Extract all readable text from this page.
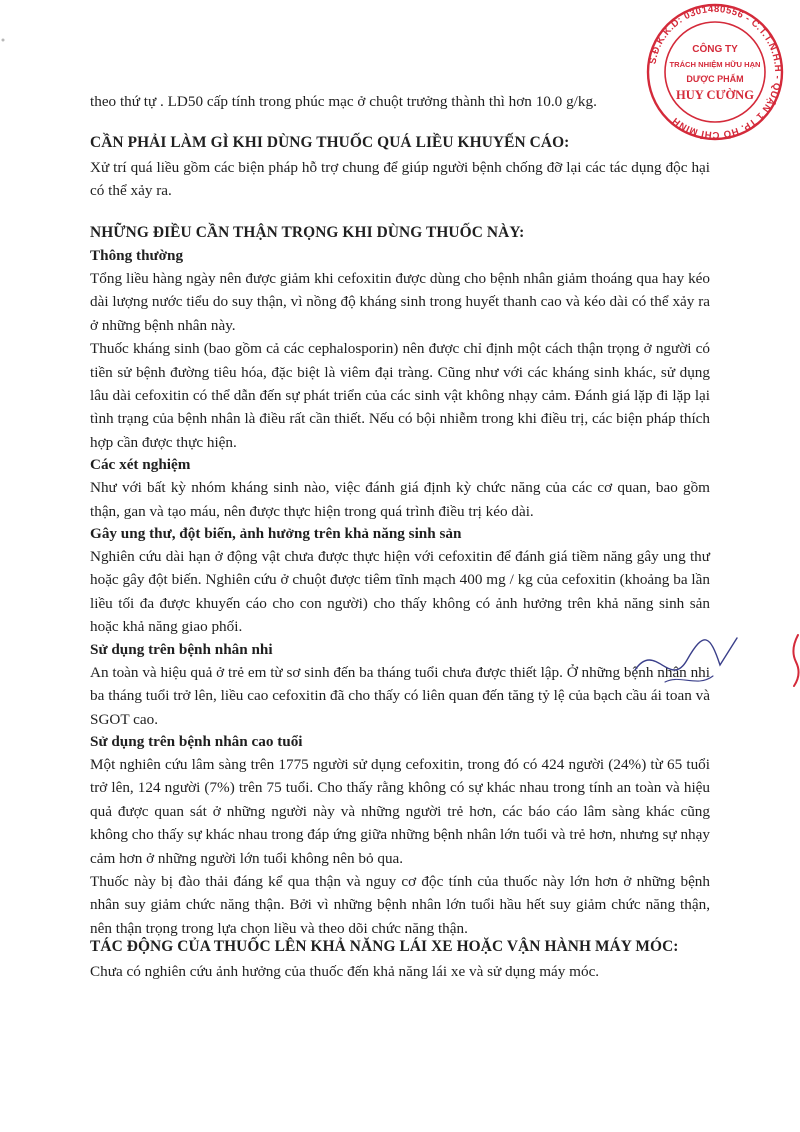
S.Đ.K.K.D: 0301480556 - C.T.T.N.H.H - QUẬN 1 TP. HỒ CHÍ MINH
CÔNG TY
TRÁCH NHIỆM HỮU HẠN
DƯỢC PHẨM
HUY CƯỜNG

theo thứ tự . LD50 cấp tính trong phúc mạc ở chuột trưởng thành thì hơn 10.0 g/kg.

CẦN PHẢI LÀM GÌ KHI DÙNG THUỐC QUÁ LIỀU KHUYẾN CÁO:

Xử trí quá liều gồm các biện pháp hỗ trợ chung để giúp người bệnh chống đỡ lại các tác dụng độc hại có thể xảy ra.

NHỮNG ĐIỀU CẦN THẬN TRỌNG KHI DÙNG THUỐC NÀY:

Thông thường

Tổng liều hàng ngày nên được giảm khi cefoxitin được dùng cho bệnh nhân giảm thoáng qua hay kéo dài lượng nước tiểu do suy thận, vì nồng độ kháng sinh trong huyết thanh cao và kéo dài có thể xảy ra ở những bệnh nhân này.

Thuốc kháng sinh (bao gồm cả các cephalosporin) nên được chỉ định một cách thận trọng ở người có tiền sử bệnh đường tiêu hóa, đặc biệt là viêm đại tràng. Cũng như với các kháng sinh khác, sử dụng lâu dài cefoxitin có thể dẫn đến sự phát triển của các sinh vật không nhạy cảm. Đánh giá lặp đi lặp lại tình trạng của bệnh nhân là điều rất cần thiết. Nếu có bội nhiễm trong khi điều trị, các biện pháp thích hợp cần được thực hiện.

Các xét nghiệm

Như với bất kỳ nhóm kháng sinh nào, việc đánh giá định kỳ chức năng của các cơ quan, bao gồm thận, gan và tạo máu, nên được thực hiện trong quá trình điều trị kéo dài.

Gây ung thư, đột biến, ảnh hưởng trên khả năng sinh sản

Nghiên cứu dài hạn ở động vật chưa được thực hiện với cefoxitin để đánh giá tiềm năng gây ung thư hoặc gây đột biến. Nghiên cứu ở chuột được tiêm tĩnh mạch 400 mg / kg của cefoxitin (khoảng ba lần liều tối đa được khuyến cáo cho con người) cho thấy không có ảnh hưởng trên khả năng sinh sản hoặc khả năng giao phối.

Sử dụng trên bệnh nhân nhi

An toàn và hiệu quả ở trẻ em từ sơ sinh đến ba tháng tuổi chưa được thiết lập. Ở những bệnh nhân nhi ba tháng tuổi trở lên, liều cao cefoxitin đã cho thấy có liên quan đến tăng tỷ lệ của bạch cầu ái toan và SGOT cao.

Sử dụng trên bệnh nhân cao tuổi

Một nghiên cứu lâm sàng trên 1775 người sử dụng cefoxitin, trong đó có 424 người (24%) từ 65 tuổi trở lên, 124 người (7%) trên 75 tuổi. Cho thấy rằng không có sự khác nhau trong tính an toàn và hiệu quả được quan sát ở những người này và những người trẻ hơn, các báo cáo lâm sàng khác cũng không cho thấy sự khác nhau trong đáp ứng giữa những bệnh nhân lớn tuổi và trẻ hơn, nhưng sự nhạy cảm hơn ở những người lớn tuổi không nên bỏ qua.

Thuốc này bị đào thải đáng kể qua thận và nguy cơ độc tính của thuốc này lớn hơn ở những bệnh nhân suy giảm chức năng thận. Bởi vì những bệnh nhân lớn tuổi hầu hết suy giảm chức năng thận, nên thận trọng trong lựa chọn liều và theo dõi chức năng thận.

TÁC ĐỘNG CỦA THUỐC LÊN KHẢ NĂNG LÁI XE HOẶC VẬN HÀNH MÁY MÓC:

Chưa có nghiên cứu ảnh hưởng của thuốc đến khả năng lái xe và sử dụng máy móc.
